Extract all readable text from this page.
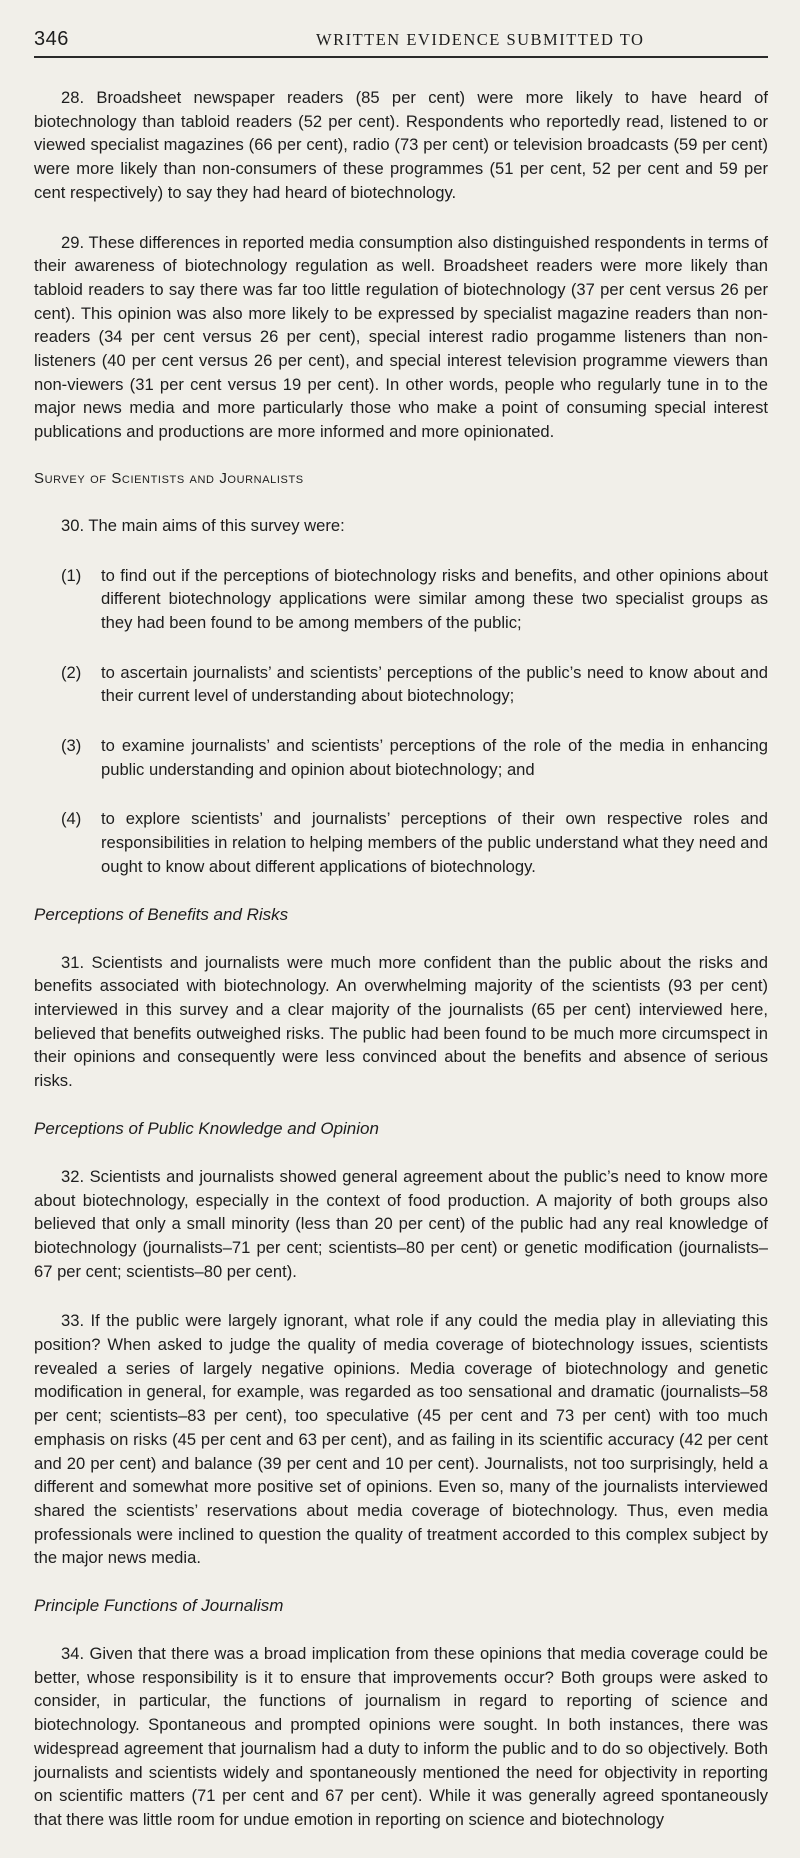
346	WRITTEN EVIDENCE SUBMITTED TO

28. Broadsheet newspaper readers (85 per cent) were more likely to have heard of biotechnology than tabloid readers (52 per cent). Respondents who reportedly read, listened to or viewed specialist magazines (66 per cent), radio (73 per cent) or television broadcasts (59 per cent) were more likely than non-consumers of these programmes (51 per cent, 52 per cent and 59 per cent respectively) to say they had heard of biotechnology.

29. These differences in reported media consumption also distinguished respondents in terms of their awareness of biotechnology regulation as well. Broadsheet readers were more likely than tabloid readers to say there was far too little regulation of biotechnology (37 per cent versus 26 per cent). This opinion was also more likely to be expressed by specialist magazine readers than non-readers (34 per cent versus 26 per cent), special interest radio progamme listeners than non-listeners (40 per cent versus 26 per cent), and special interest television programme viewers than non-viewers (31 per cent versus 19 per cent). In other words, people who regularly tune in to the major news media and more particularly those who make a point of consuming special interest publications and productions are more informed and more opinionated.

Survey of Scientists and Journalists

30. The main aims of this survey were:

(1)	to find out if the perceptions of biotechnology risks and benefits, and other opinions about different biotechnology applications were similar among these two specialist groups as they had been found to be among members of the public;
(2)	to ascertain journalists’ and scientists’ perceptions of the public’s need to know about and their current level of understanding about biotechnology;
(3)	to examine journalists’ and scientists’ perceptions of the role of the media in enhancing public understanding and opinion about biotechnology; and
(4)	to explore scientists’ and journalists’ perceptions of their own respective roles and responsibilities in relation to helping members of the public understand what they need and ought to know about different applications of biotechnology.
Perceptions of Benefits and Risks

31. Scientists and journalists were much more confident than the public about the risks and benefits associated with biotechnology. An overwhelming majority of the scientists (93 per cent) interviewed in this survey and a clear majority of the journalists (65 per cent) interviewed here, believed that benefits outweighed risks. The public had been found to be much more circumspect in their opinions and consequently were less convinced about the benefits and absence of serious risks.

Perceptions of Public Knowledge and Opinion

32. Scientists and journalists showed general agreement about the public’s need to know more about biotechnology, especially in the context of food production. A majority of both groups also believed that only a small minority (less than 20 per cent) of the public had any real knowledge of biotechnology (journalists–71 per cent; scientists–80 per cent) or genetic modification (journalists–67 per cent; scientists–80 per cent).

33. If the public were largely ignorant, what role if any could the media play in alleviating this position? When asked to judge the quality of media coverage of biotechnology issues, scientists revealed a series of largely negative opinions. Media coverage of biotechnology and genetic modification in general, for example, was regarded as too sensational and dramatic (journalists–58 per cent; scientists–83 per cent), too speculative (45 per cent and 73 per cent) with too much emphasis on risks (45 per cent and 63 per cent), and as failing in its scientific accuracy (42 per cent and 20 per cent) and balance (39 per cent and 10 per cent). Journalists, not too surprisingly, held a different and somewhat more positive set of opinions. Even so, many of the journalists interviewed shared the scientists’ reservations about media coverage of biotechnology. Thus, even media professionals were inclined to question the quality of treatment accorded to this complex subject by the major news media.

Principle Functions of Journalism

34. Given that there was a broad implication from these opinions that media coverage could be better, whose responsibility is it to ensure that improvements occur? Both groups were asked to consider, in particular, the functions of journalism in regard to reporting of science and biotechnology. Spontaneous and prompted opinions were sought. In both instances, there was widespread agreement that journalism had a duty to inform the public and to do so objectively. Both journalists and scientists widely and spontaneously mentioned the need for objectivity in reporting on scientific matters (71 per cent and 67 per cent). While it was generally agreed spontaneously that there was little room for undue emotion in reporting on science and biotechnology
